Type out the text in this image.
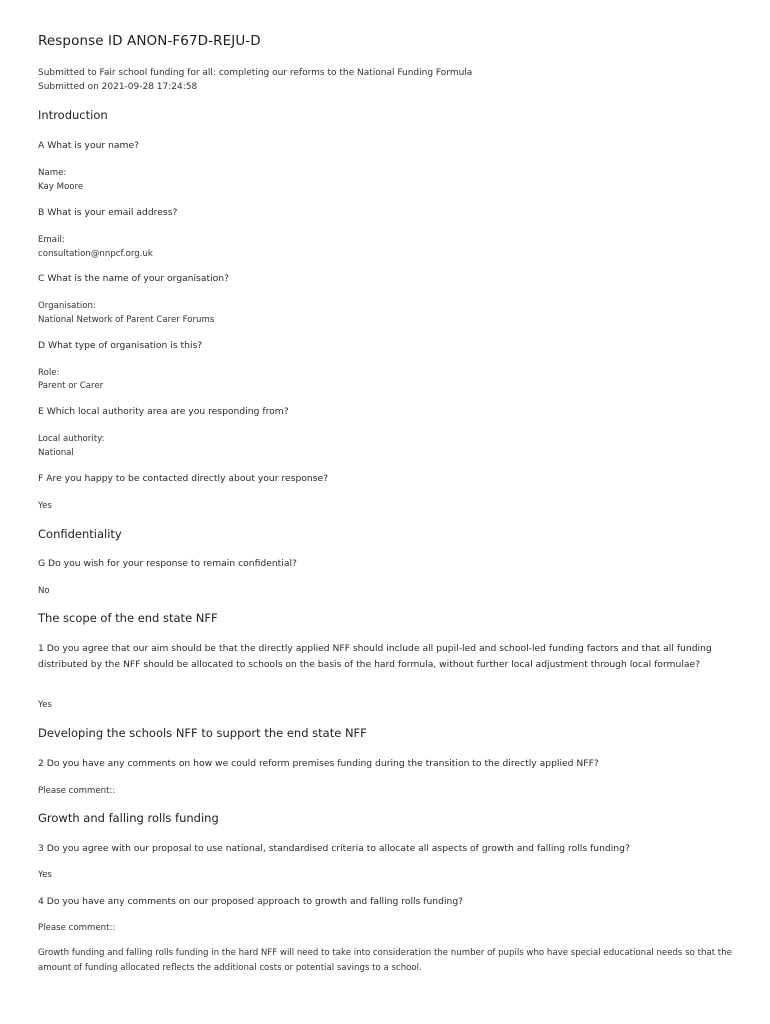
Response ID ANON-F67D-REJU-D
Submitted to Fair school funding for all: completing our reforms to the National Funding Formula
Submitted on 2021-09-28 17:24:58
Introduction
A What is your name?
Name:
Kay Moore
B What is your email address?
Email:
consultation@nnpcf.org.uk
C What is the name of your organisation?
Organisation:
National Network of Parent Carer Forums
D What type of organisation is this?
Role:
Parent or Carer
E Which local authority area are you responding from?
Local authority:
National
F Are you happy to be contacted directly about your response?
Yes
Confidentiality
G Do you wish for your response to remain confidential?
No
The scope of the end state NFF
1 Do you agree that our aim should be that the directly applied NFF should include all pupil-led and school-led funding factors and that all funding distributed by the NFF should be allocated to schools on the basis of the hard formula, without further local adjustment through local formulae?
Yes
Developing the schools NFF to support the end state NFF
2 Do you have any comments on how we could reform premises funding during the transition to the directly applied NFF?
Please comment::
Growth and falling rolls funding
3 Do you agree with our proposal to use national, standardised criteria to allocate all aspects of growth and falling rolls funding?
Yes
4 Do you have any comments on our proposed approach to growth and falling rolls funding?
Please comment::
Growth funding and falling rolls funding in the hard NFF will need to take into consideration the number of pupils who have special educational needs so that the amount of funding allocated reflects the additional costs or potential savings to a school.
